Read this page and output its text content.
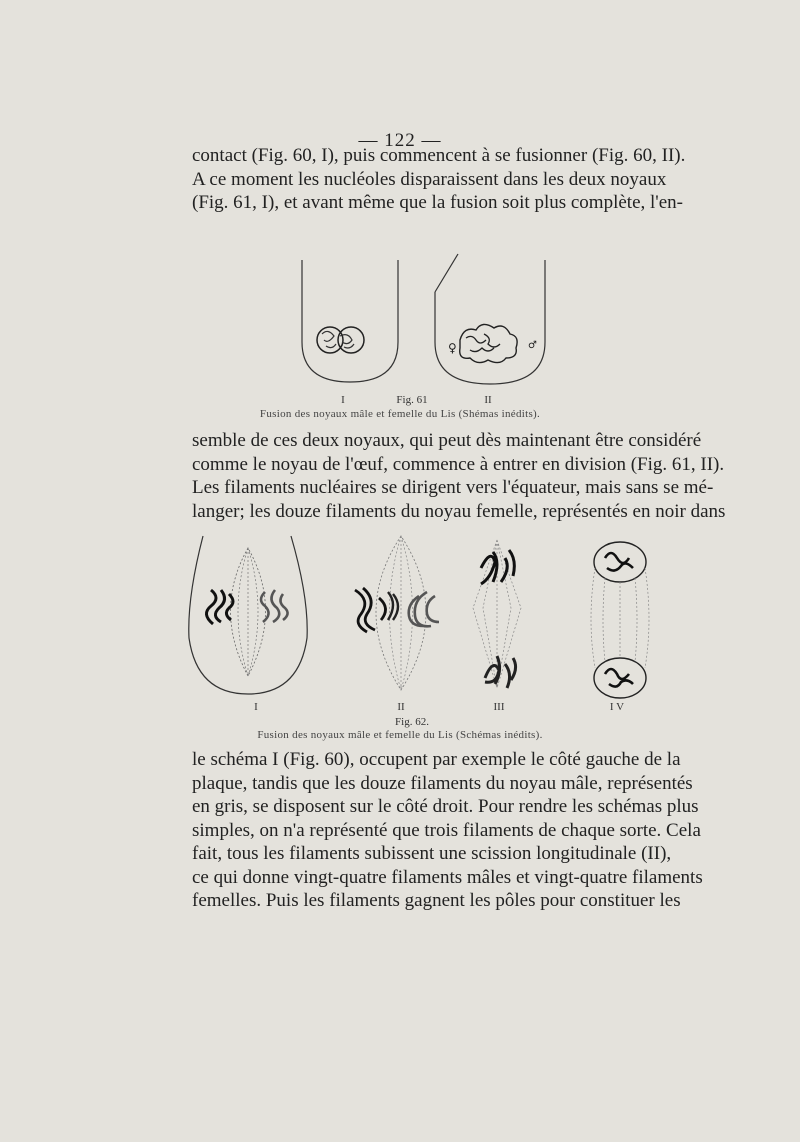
— 122 —
contact (Fig. 60, I), puis commencent à se fusionner (Fig. 60, II).
A ce moment les nucléoles disparaissent dans les deux noyaux
(Fig. 61, I), et avant même que la fusion soit plus complète, l'en-
♀	♂
I	Fig. 61	II
Fusion des noyaux mâle et femelle du Lis (Shémas inédits).
semble de ces deux noyaux, qui peut dès maintenant être considéré
comme le noyau de l'œuf, commence à entrer en division (Fig. 61, II).
Les filaments nucléaires se dirigent vers l'équateur, mais sans se mé-
langer; les douze filaments du noyau femelle, représentés en noir dans
I	II	III	I V
Fig. 62.
Fusion des noyaux mâle et femelle du Lis (Schémas inédits).
le schéma I (Fig. 60), occupent par exemple le côté gauche de la
plaque, tandis que les douze filaments du noyau mâle, représentés
en gris, se disposent sur le côté droit. Pour rendre les schémas plus
simples, on n'a représenté que trois filaments de chaque sorte. Cela
fait, tous les filaments subissent une scission longitudinale (II),
ce qui donne vingt-quatre filaments mâles et vingt-quatre filaments
femelles. Puis les filaments gagnent les pôles pour constituer les
